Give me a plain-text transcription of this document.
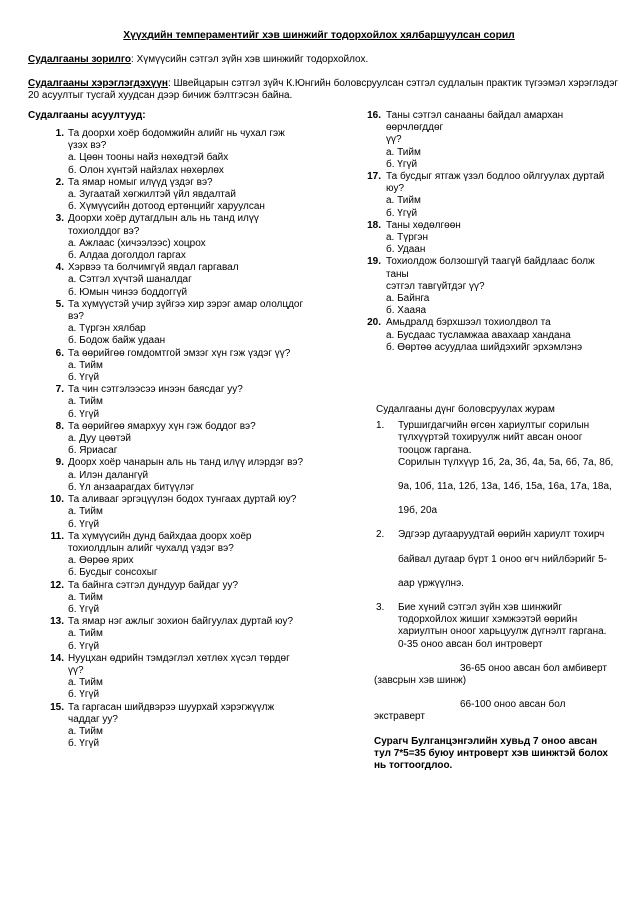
Хүүхдийн темпераментийг хэв шинжийг тодорхойлох хялбаршуулсан сорил
Судалгааны зорилго: Хүмүүсийн сэтгэл зүйн хэв шинжийг тодорхойлох.
Судалгааны хэрэглэгдэхүүн: Швейцарын сэтгэл зүйч К.Юнгийн боловсруулсан сэтгэл судлалын практик түгээмэл хэрэглэдэг
20 асуултыг тусгай хуудсан дээр бичиж бэлтгэсэн байна.
Судалгааны асуултууд:
1. Та доорхи хоёр бодомжийн алийг нь чухал гэж
үзэх вэ?
а. Цөөн тооны найз нөхөдтэй байх
б. Олон хүнтэй найзлах нөхөрлөх
2. Та ямар номыг илүүд үздэг вэ?
а. Зугаатай хөгжилтэй үйл явдалтай
б. Хүмүүсийн дотоод ертөнцийг харуулсан
3. Доорхи хоёр дутагдлын аль нь танд илүү
тохиолддог вэ?
а. Ажлаас (хичээлээс) хоцрох
б. Алдаа доголдол гаргах
4. Хэрвээ та болчимгүй явдал гаргавал
а. Сэтгэл хүчтэй шаналдаг
б. Юмын чинээ боддоггүй
5. Та хүмүүстэй учир зүйгээ хир зэрэг амар ололцдог
вэ?
а. Түргэн хялбар
б. Бодож байж удаан
6. Та өөрийгөө гомдомтгой эмзэг хүн гэж үздэг үү?
а. Тийм
б. Үгүй
7. Та чин сэтгэлээсээ инээн баясдаг уу?
а. Тийм
б. Үгүй
8. Та өөрийгөө ямархуу хүн гэж боддог вэ?
а. Дуу цөөтэй
б. Яриасаг
9. Доорх хоёр чанарын аль нь танд илүү илэрдэг вэ?
а. Илэн далангүй
б. Үл анзаарагдах битүүлэг
10. Та аливааг эргэцүүлэн бодох тунгаах дуртай юу?
а. Тийм
б. Үгүй
11. Та хүмүүсийн дунд байхдаа доорх хоёр
тохиолдлын алийг чухалд үздэг вэ?
а. Өөрөө ярих
б. Бусдыг сонсохыг
12. Та байнга сэтгэл дундуур байдаг уу?
а. Тийм
б. Үгүй
13. Та ямар нэг ажлыг зохион байгуулах дуртай юу?
а. Тийм
б. Үгүй
14. Нууцхан өдрийн тэмдэглэл хөтлөх хүсэл төрдөг
үү?
а. Тийм
б. Үгүй
15. Та гаргасан шийдвэрээ шуурхай хэрэгжүүлж
чаддаг уу?
а. Тийм
б. Үгүй
16. Таны сэтгэл санааны байдал амархан өөрчлөгддөг
үү?
а. Тийм
б. Үгүй
17. Та бусдыг ятгаж үзэл бодлоо ойлгуулах дуртай
юу?
а. Тийм
б. Үгүй
18. Таны хөдөлгөөн
а. Түргэн
б. Удаан
19. Тохиолдож болзошгүй таагүй байдлаас болж таны
сэтгэл тавгүйтдэг үү?
а. Байнга
б. Хааяа
20. Амьдралд бэрхшээл тохиолдвол та
а. Бусдаас тусламжаа авахаар хандана
б. Өөртөө асуудлаа шийдэхийг эрхэмлэнэ
Судалгааны дүнг боловсруулах журам
1. Туршигдагчийн өгсөн хариултыг сорилын
түлхүүртэй тохируулж нийт авсан оноог
тооцож гаргана.
Сорилын түлхүүр 1б, 2а, 3б, 4а, 5а, 6б, 7а, 8б,
9а, 10б, 11а, 12б, 13а, 14б, 15а, 16а, 17а, 18а,
19б, 20а
2. Эдгээр дугааруудтай өөрийн хариулт тохирч
байвал дугаар бүрт 1 оноо өгч нийлбэрийг 5-
аар үржүүлнэ.
3. Бие хүний сэтгэл зүйн хэв шинжийг
тодорхойлох жишиг хэмжээтэй өөрийн
хариултын оноог харьцуулж дүгнэлт гаргана.
0-35 оноо авсан бол интроверт
36-65 оноо авсан бол амбиверт
(завсрын хэв шинж)
66-100 оноо авсан бол
экстраверт
Сурагч Булганцэнгэлийн хувьд 7 оноо авсан
тул 7*5=35 буюу интроверт хэв шинжтэй болох
нь тогтоогдлоо.
